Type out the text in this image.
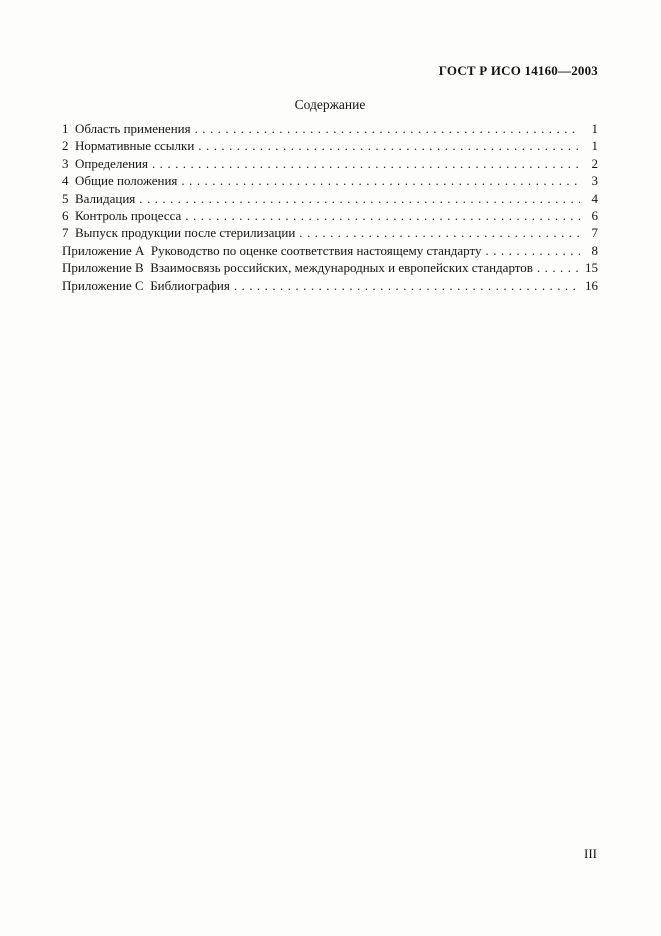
ГОСТ Р ИСО 14160—2003
Содержание
1  Область применения . . .	1
2  Нормативные ссылки . . .	1
3  Определения . . .	2
4  Общие положения . . .	3
5  Валидация . . .	4
6  Контроль процесса . . .	6
7  Выпуск продукции после стерилизации . . .	7
Приложение А  Руководство по оценке соответствия настоящему стандарту . . .	8
Приложение В  Взаимосвязь российских, международных и европейских стандартов . . .	15
Приложение С  Библиография . . .	16
III
